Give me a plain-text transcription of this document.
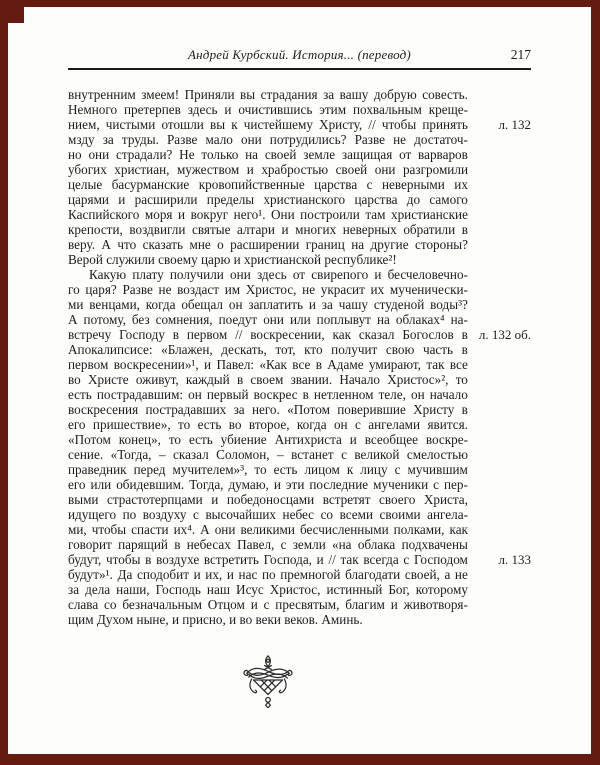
Андрей Курбский. История... (перевод)	217
внутренним змеем! Приняли вы страдания за вашу добрую совесть.
Немного претерпев здесь и очистившись этим похвальным креще-
нием, чистыми отошли вы к чистейшему Христу, // чтобы принять
мзду за труды. Разве мало они потрудились? Разве не достаточ-
но они страдали? Не только на своей земле защищая от варваров
убогих христиан, мужеством и храбростью своей они разгромили
целые басурманские кровопийственные царства с неверными их
царями и расширили пределы христианского царства до самого
Каспийского моря и вокруг него¹. Они построили там христианские
крепости, воздвигли святые алтари и многих неверных обратили в
веру. А что сказать мне о расширении границ на другие стороны?
Верой служили своему царю и христианской республике²!
Какую плату получили они здесь от свирепого и бесчеловечно-
го царя? Разве не воздаст им Христос, не украсит их мученически-
ми венцами, когда обещал он заплатить и за чашу студеной воды³?
А потому, без сомнения, поедут они или поплывут на облаках⁴ на-
встречу Господу в первом // воскресении, как сказал Богослов в
Апокалипсисе: «Блажен, дескать, тот, кто получит свою часть в
первом воскресении»¹, и Павел: «Как все в Адаме умирают, так все
во Христе оживут, каждый в своем звании. Начало Христос»², то
есть пострадавшим: он первый воскрес в нетленном теле, он начало
воскресения пострадавших за него. «Потом поверившие Христу в
его пришествие», то есть во второе, когда он с ангелами явится.
«Потом конец», то есть убиение Антихриста и всеобщее воскре-
сение. «Тогда, – сказал Соломон, – встанет с великой смелостью
праведник перед мучителем»³, то есть лицом к лицу с мучившим
его или обидевшим. Тогда, думаю, и эти последние мученики с пер-
выми страстотерпцами и победоносцами встретят своего Христа,
идущего по воздуху с высочайших небес со всеми своими ангела-
ми, чтобы спасти их⁴. А они великими бесчисленными полками, как
говорит парящий в небесах Павел, с земли «на облака подхвачены
будут, чтобы в воздухе встретить Господа, и // так всегда с Господом
будут»¹. Да сподобит и их, и нас по премногой благодати своей, а не
за дела наши, Господь наш Исус Христос, истинный Бог, которому
слава со безначальным Отцом и с пресвятым, благим и животворя-
щим Духом ныне, и присно, и во веки веков. Аминь.
л. 132
л. 132 об.
л. 133
